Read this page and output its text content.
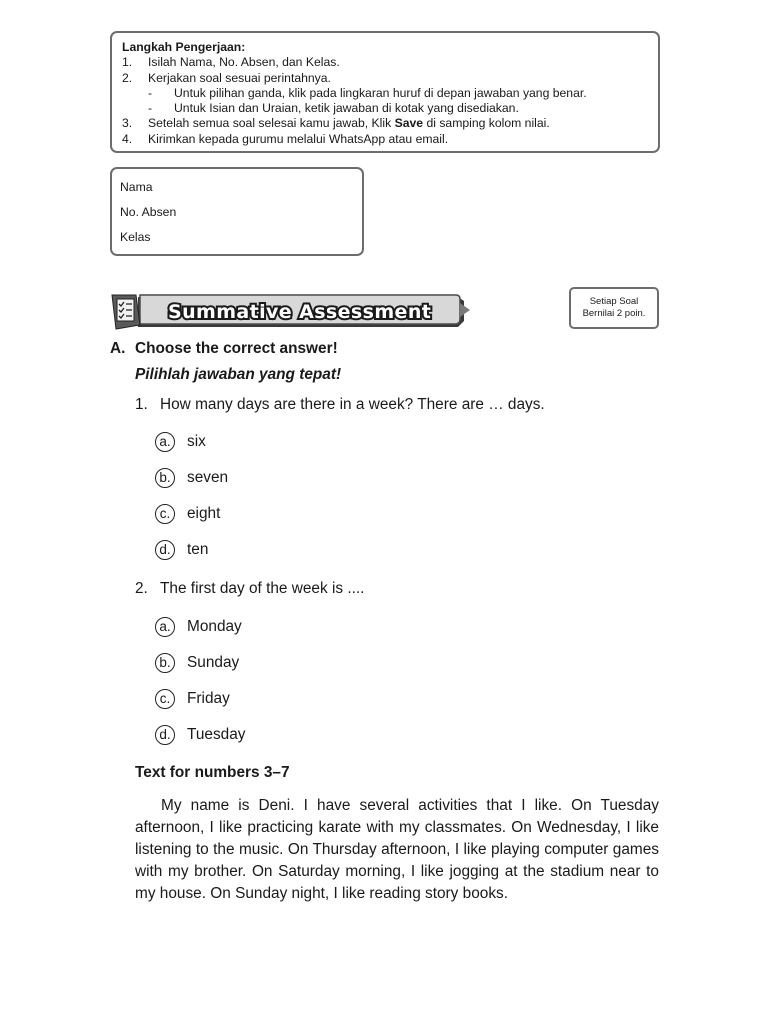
Langkah Pengerjaan:
1.	Isilah Nama, No. Absen, dan Kelas.
2.	Kerjakan soal sesuai perintahnya.
-	Untuk pilihan ganda, klik pada lingkaran huruf di depan jawaban yang benar.
-	Untuk Isian dan Uraian, ketik jawaban di kotak yang disediakan.
3.	Setelah semua soal selesai kamu jawab, Klik Save di samping kolom nilai.
4.	Kirimkan kepada gurumu melalui WhatsApp atau email.
Nama
No. Absen
Kelas
Summative Assessment	Setiap Soal
Bernilai 2 poin.
A. Choose the correct answer!
Pilihlah jawaban yang tepat!
1. How many days are there in a week? There are … days.
a. six
b. seven
c.	eight
d. ten
2. The first day of the week is ....
a. Monday
b. Sunday
c.	Friday
d. Tuesday
Text for numbers 3–7
My name is Deni. I have several activities that I like. On Tuesday afternoon, I like practicing karate with my classmates. On Wednesday, I like listening to the music. On Thursday afternoon, I like playing computer games with my brother. On Saturday morning, I like jogging at the stadium near to my house. On Sunday night, I like reading story books.
